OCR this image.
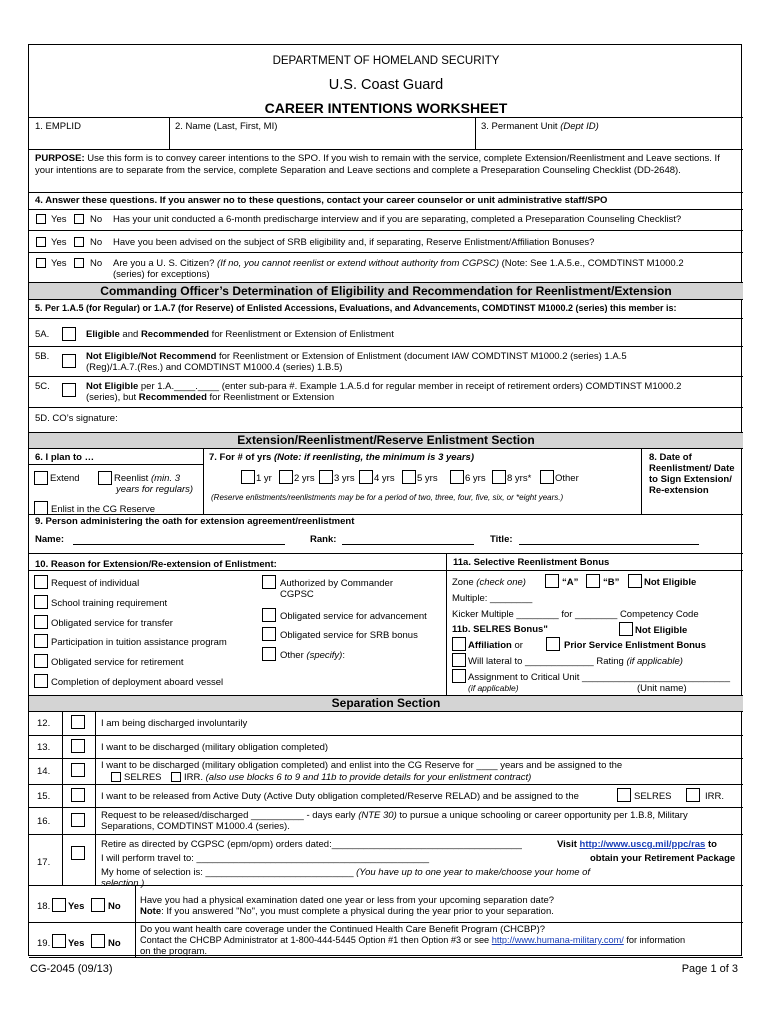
DEPARTMENT OF HOMELAND SECURITY
U.S. Coast Guard
CAREER INTENTIONS WORKSHEET
1. EMPLID	2. Name (Last, First, MI)	3. Permanent Unit (Dept ID)
PURPOSE: Use this form is to convey career intentions to the SPO. If you wish to remain with the service, complete Extension/Reenlistment and Leave sections. If your intentions are to separate from the service, complete Separation and Leave sections and complete a Preseparation Counseling Checklist (DD-2648).
4. Answer these questions. If you answer no to these questions, contact your career counselor or unit administrative staff/SPO
Yes No Has your unit conducted a 6-month predischarge interview and if you are separating, completed a Preseparation Counseling Checklist?
Yes No Have you been advised on the subject of SRB eligibility and, if separating, Reserve Enlistment/Affiliation Bonuses?
Yes No Are you a U. S. Citizen? (If no, you cannot reenlist or extend without authority from CGPSC) (Note: See 1.A.5.e., COMDTINST M1000.2
(series) for exceptions)
Commanding Officer’s Determination of Eligibility and Recommendation for Reenlistment/Extension
5. Per 1.A.5 (for Regular) or 1.A.7 (for Reserve) of Enlisted Accessions, Evaluations, and Advancements, COMDTINST M1000.2 (series) this member is:
5A.	Eligible and Recommended for Reenlistment or Extension of Enlistment
5B.	Not Eligible/Not Recommend for Reenlistment or Extension of Enlistment (document IAW COMDTINST M1000.2 (series) 1.A.5
(Reg)/1.A.7.(Res.) and COMDTINST M1000.4 (series) 1.B.5)
5C.	Not Eligible per 1.A.____.____ (enter sub-para #. Example 1.A.5.d for regular member in receipt of retirement orders) COMDTINST M1000.2
(series), but Recommended for Reenlistment or Extension
5D. CO’s signature:
Extension/Reenlistment/Reserve Enlistment Section
6. I plan to …	7. For # of yrs (Note: if reenlisting, the minimum is 3 years)
Extend	Reenlist (min. 3
years for regulars)
Enlist in the CG Reserve
1 yr 2 yrs 3 yrs 4 yrs 5 yrs	6 yrs 8 yrs* Other
(Reserve enlistments/reenlistments may be for a period of two, three, four, five, six, or *eight years.)
8. Date of
Reenlistment/ Date
to Sign Extension/
Re-extension
9. Person administering the oath for extension agreement/reenlistment
Name:	Rank:	Title:
10. Reason for Extension/Re-extension of Enlistment:
Request of individual
School training requirement
Obligated service for transfer
Participation in tuition assistance program
Obligated service for retirement
Completion of deployment aboard vessel
Authorized by Commander
CGPSC
Obligated service for advancement
Obligated service for SRB bonus
Other (specify):
11a. Selective Reenlistment Bonus
Zone (check one)	“A”	“B”	Not Eligible
Multiple: ________
Kicker Multiple ________ for ________ Competency Code
11b. SELRES Bonus"	Not Eligible
Affiliation or	Prior Service Enlistment Bonus
Will lateral to _____________ Rating (if applicable)
Assignment to Critical Unit ____________________________
(if applicable)	(Unit name)
Separation Section
12.	I am being discharged involuntarily
13.	I want to be discharged (military obligation completed)
14.
I want to be discharged (military obligation completed) and enlist into the CG Reserve for ____ years and be assigned to the
SELRES IRR. (also use blocks 6 to 9 and 11b to provide details for your enlistment contract)
15.	I want to be released from Active Duty (Active Duty obligation completed/Reserve RELAD) and be assigned to the	SELRES	IRR.
16.
Request to be released/discharged __________ - days early (NTE 30) to pursue a unique schooling or career opportunity per 1.B.8, Military
Separations, COMDTINST M1000.4 (series).
17.
Retire as directed by CGPSC (epm/opm) orders dated:____________________________________
I will perform travel to: ____________________________________________
My home of selection is: ____________________________ (You have up to one year to make/choose your home of
selection.)
Visit http://www.uscg.mil/ppc/ras to
obtain your Retirement Package
18. Yes No
Have you had a physical examination dated one year or less from your upcoming separation date?
Note: If you answered "No", you must complete a physical during the year prior to your separation.
19. Yes No
Do you want health care coverage under the Continued Health Care Benefit Program (CHCBP)?
Contact the CHCBP Administrator at 1-800-444-5445 Option #1 then Option #3 or see http://www.humana-military.com/ for information
on the program.
CG-2045 (09/13)	Page 1 of 3
